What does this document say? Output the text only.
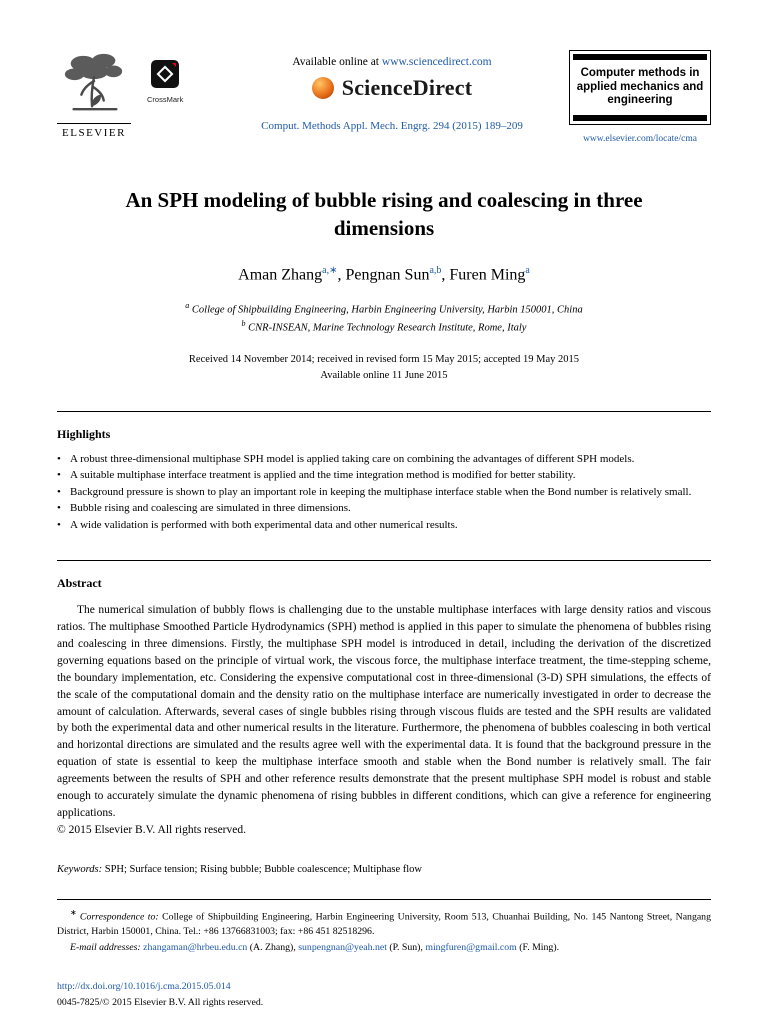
ELSEVIER
CrossMark
Available online at www.sciencedirect.com
ScienceDirect
Comput. Methods Appl. Mech. Engrg. 294 (2015) 189–209
Computer methods in applied mechanics and engineering
www.elsevier.com/locate/cma
An SPH modeling of bubble rising and coalescing in three dimensions
Aman Zhang$^{a,∗}$, Pengnan Sun$^{a,b}$, Furen Ming$^a$
$^a$ College of Shipbuilding Engineering, Harbin Engineering University, Harbin 150001, China
$^b$ CNR-INSEAN, Marine Technology Research Institute, Rome, Italy
Received 14 November 2014; received in revised form 15 May 2015; accepted 19 May 2015
Available online 11 June 2015
Highlights
• A robust three-dimensional multiphase SPH model is applied taking care on combining the advantages of different SPH models.
• A suitable multiphase interface treatment is applied and the time integration method is modified for better stability.
• Background pressure is shown to play an important role in keeping the multiphase interface stable when the Bond number is relatively small.
• Bubble rising and coalescing are simulated in three dimensions.
• A wide validation is performed with both experimental data and other numerical results.
Abstract
The numerical simulation of bubbly flows is challenging due to the unstable multiphase interfaces with large density ratios and viscous ratios. The multiphase Smoothed Particle Hydrodynamics (SPH) method is applied in this paper to simulate the phenomena of bubbles rising and coalescing in three dimensions. Firstly, the multiphase SPH model is introduced in detail, including the derivation of the discretized governing equations based on the principle of virtual work, the viscous force, the multiphase interface treatment, the time-stepping scheme, the boundary implementation, etc. Considering the expensive computational cost in three-dimensional (3-D) SPH simulations, the effects of the scale of the computational domain and the density ratio on the multiphase interface are numerically investigated in order to decrease the amount of calculation. Afterwards, several cases of single bubbles rising through viscous fluids are tested and the SPH results are validated by both the experimental data and other numerical results in the literature. Furthermore, the phenomena of bubbles coalescing in both vertical and horizontal directions are simulated and the results agree well with the experimental data. It is found that the background pressure in the equation of state is essential to keep the multiphase interface smooth and stable when the Bond number is relatively small. The fair agreements between the results of SPH and other reference results demonstrate that the present multiphase SPH model is robust and stable enough to accurately simulate the dynamic phenomena of rising bubbles in different conditions, which can give a reference for engineering applications.
© 2015 Elsevier B.V. All rights reserved.
Keywords: SPH; Surface tension; Rising bubble; Bubble coalescence; Multiphase flow
∗ Correspondence to: College of Shipbuilding Engineering, Harbin Engineering University, Room 513, Chuanhai Building, No. 145 Nantong Street, Nangang District, Harbin 150001, China. Tel.: +86 13766831003; fax: +86 451 82518296.
E-mail addresses: zhangaman@hrbeu.edu.cn (A. Zhang), sunpengnan@yeah.net (P. Sun), mingfuren@gmail.com (F. Ming).
http://dx.doi.org/10.1016/j.cma.2015.05.014
0045-7825/© 2015 Elsevier B.V. All rights reserved.
